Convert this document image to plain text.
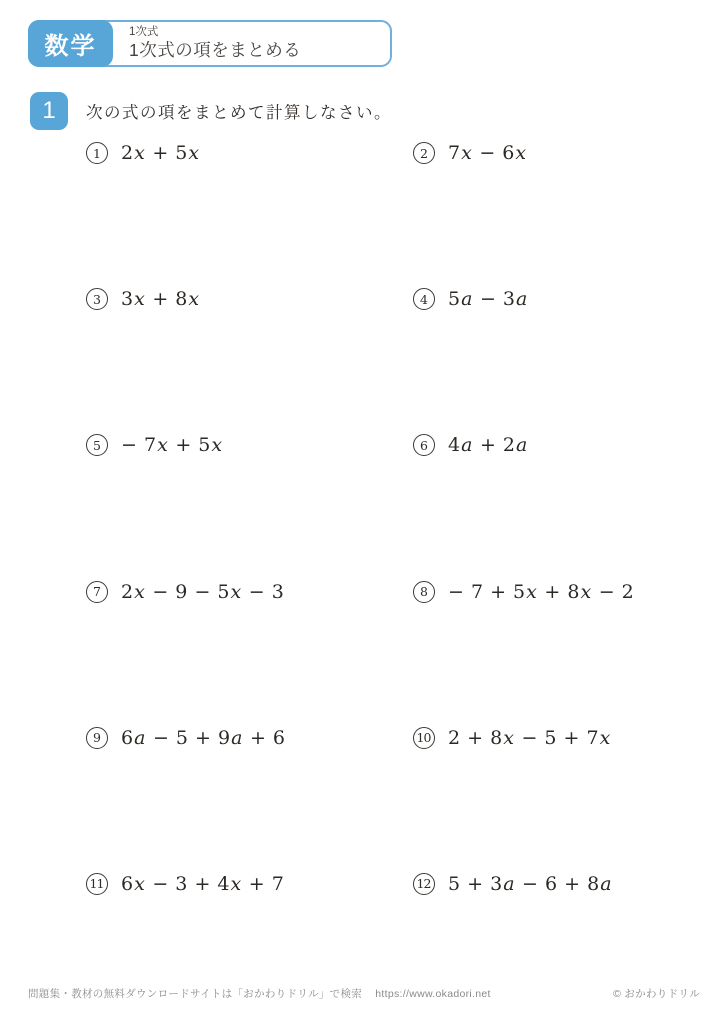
数学
1次式
1次式の項をまとめる
1	次の式の項をまとめて計算しなさい。
1	2x + 5x	2	7x − 6x
3	3x + 8x	4	5a − 3a
5	− 7x + 5x	6	4a + 2a
7	2x − 9 − 5x − 3	8	− 7 + 5x + 8x − 2
9	6a − 5 + 9a + 6	10 2 + 8x − 5 + 7x
11 6x − 3 + 4x + 7	12 5 + 3a − 6 + 8a
問題集・教材の無料ダウンロードサイトは「おかわりドリル」で検索 https://www.okadori.net	© おかわりドリル
